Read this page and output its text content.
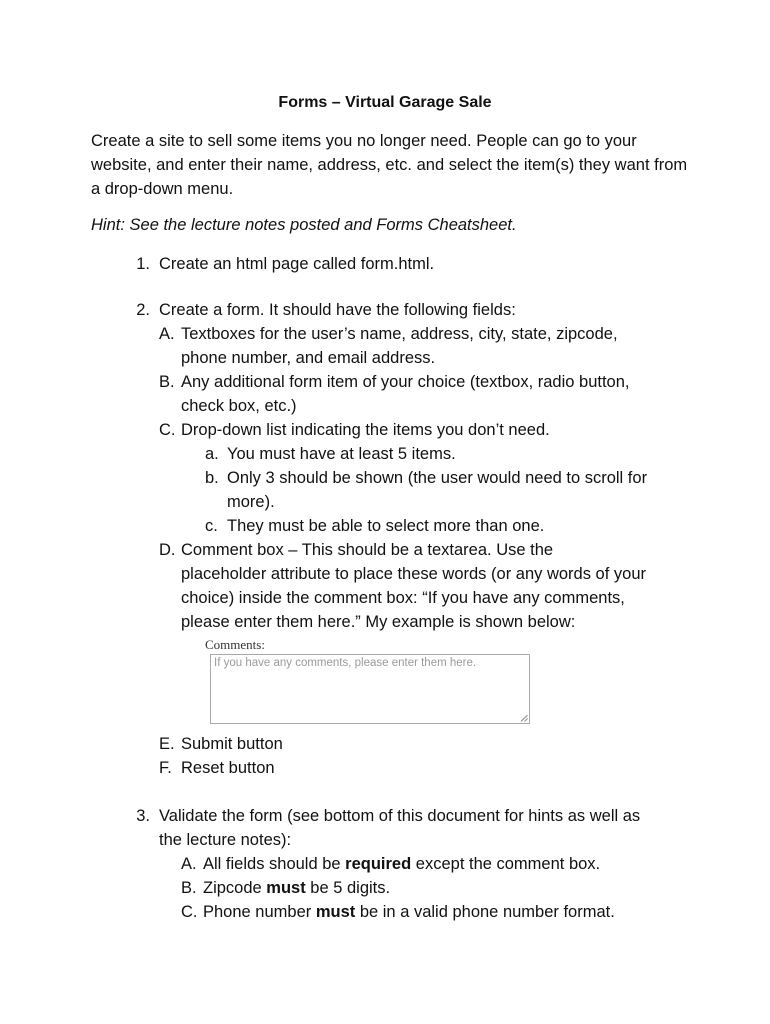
Forms – Virtual Garage Sale

Create a site to sell some items you no longer need. People can go to your website, and enter their name, address, etc. and select the item(s) they want from a drop-down menu.

Hint: See the lecture notes posted and Forms Cheatsheet.
1. Create an html page called form.html.
2. Create a form. It should have the following fields:
A. Textboxes for the user’s name, address, city, state, zipcode,
phone number, and email address.
B. Any additional form item of your choice (textbox, radio button,
check box, etc.)
C. Drop-down list indicating the items you don’t need.
a. You must have at least 5 items.
b. Only 3 should be shown (the user would need to scroll for
more).
c. They must be able to select more than one.
D. Comment box – This should be a textarea. Use the
placeholder attribute to place these words (or any words of your
choice) inside the comment box: “If you have any comments,
please enter them here.” My example is shown below:
Comments:
If you have any comments, please enter them here.
E. Submit button
F. Reset button
3. Validate the form (see bottom of this document for hints as well as
the lecture notes):
A. All fields should be required except the comment box.
B. Zipcode must be 5 digits.
C. Phone number must be in a valid phone number format.
